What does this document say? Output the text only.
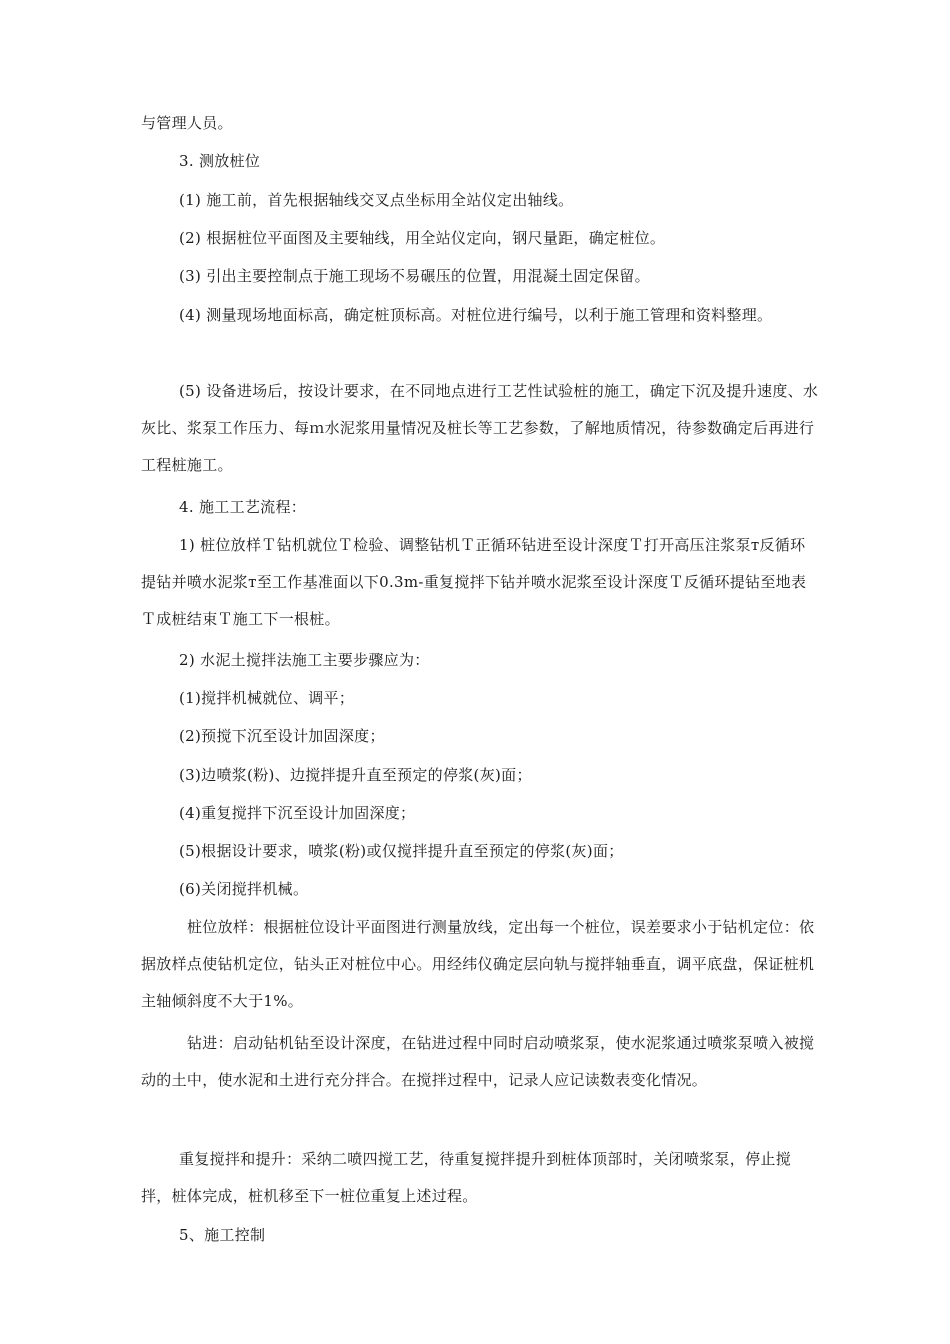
与管理人员。

3. 测放桩位

(1) 施工前，首先根据轴线交叉点坐标用全站仪定出轴线。

(2) 根据桩位平面图及主要轴线，用全站仪定向，钢尺量距，确定桩位。

(3) 引出主要控制点于施工现场不易碾压的位置，用混凝土固定保留。

(4) 测量现场地面标高，确定桩顶标高。对桩位进行编号，以利于施工管理和资料整理。

(5) 设备进场后，按设计要求，在不同地点进行工艺性试验桩的施工，确定下沉及提升速度、水灰比、浆泵工作压力、每ｍ水泥浆用量情况及桩长等工艺参数，了解地质情况，待参数确定后再进行工程桩施工。

4. 施工工艺流程：

1) 桩位放样Ｔ钻机就位Ｔ检验、调整钻机Ｔ正循环钻进至设计深度Ｔ打开高压注浆泵ᴛ反循环提钻并喷水泥浆ᴛ至工作基准面以下0.3m-重复搅拌下钻并喷水泥浆至设计深度Ｔ反循环提钻至地表Ｔ成桩结束Ｔ施工下一根桩。

2) 水泥土搅拌法施工主要步骤应为：

(1)搅拌机械就位、调平；

(2)预搅下沉至设计加固深度；

(3)边喷浆(粉)、边搅拌提升直至预定的停浆(灰)面；

(4)重复搅拌下沉至设计加固深度；

(5)根据设计要求，喷浆(粉)或仅搅拌提升直至预定的停浆(灰)面；

(6)关闭搅拌机械。

桩位放样：根据桩位设计平面图进行测量放线，定出每一个桩位，误差要求小于钻机定位：依据放样点使钻机定位，钻头正对桩位中心。用经纬仪确定层向轨与搅拌轴垂直，调平底盘，保证桩机主轴倾斜度不大于1%。

钻进：启动钻机钻至设计深度，在钻进过程中同时启动喷浆泵，使水泥浆通过喷浆泵喷入被搅动的土中，使水泥和土进行充分拌合。在搅拌过程中，记录人应记读数表变化情况。

重复搅拌和提升：采纳二喷四搅工艺，待重复搅拌提升到桩体顶部时，关闭喷浆泵，停止搅拌，桩体完成，桩机移至下一桩位重复上述过程。

5、施工控制
